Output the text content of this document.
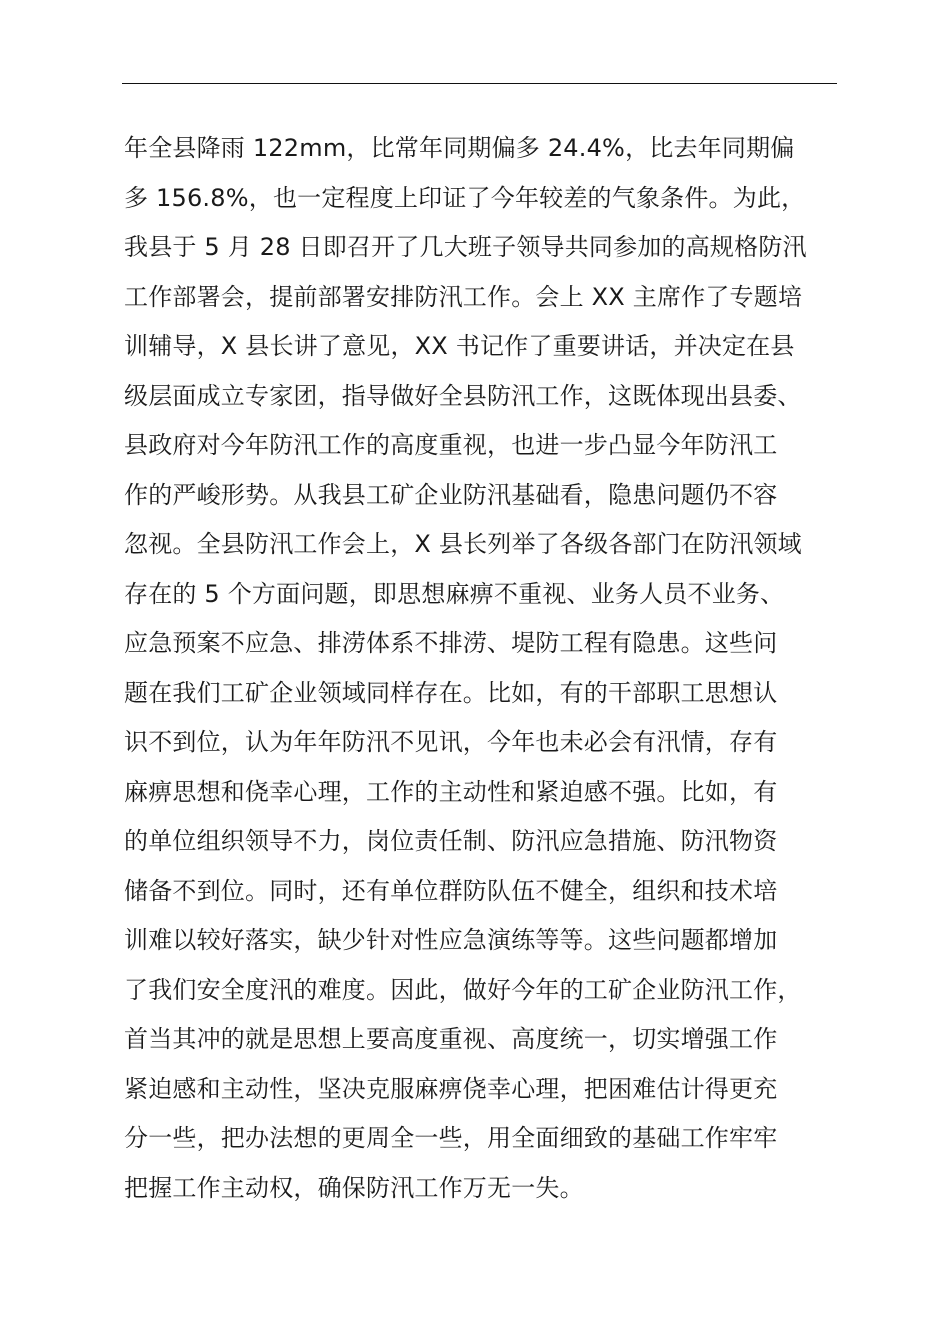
年全县降雨 122mm，比常年同期偏多 24.4%，比去年同期偏
多 156.8%，也一定程度上印证了今年较差的气象条件。为此，
我县于 5 月 28 日即召开了几大班子领导共同参加的高规格防汛
工作部署会，提前部署安排防汛工作。会上 XX 主席作了专题培
训辅导，X 县长讲了意见，XX 书记作了重要讲话，并决定在县
级层面成立专家团，指导做好全县防汛工作，这既体现出县委、
县政府对今年防汛工作的高度重视，也进一步凸显今年防汛工
作的严峻形势。从我县工矿企业防汛基础看，隐患问题仍不容
忽视。全县防汛工作会上，X 县长列举了各级各部门在防汛领域
存在的 5 个方面问题，即思想麻痹不重视、业务人员不业务、
应急预案不应急、排涝体系不排涝、堤防工程有隐患。这些问
题在我们工矿企业领域同样存在。比如，有的干部职工思想认
识不到位，认为年年防汛不见讯，今年也未必会有汛情，存有
麻痹思想和侥幸心理，工作的主动性和紧迫感不强。比如，有
的单位组织领导不力，岗位责任制、防汛应急措施、防汛物资
储备不到位。同时，还有单位群防队伍不健全，组织和技术培
训难以较好落实，缺少针对性应急演练等等。这些问题都增加
了我们安全度汛的难度。因此，做好今年的工矿企业防汛工作，
首当其冲的就是思想上要高度重视、高度统一，切实增强工作
紧迫感和主动性，坚决克服麻痹侥幸心理，把困难估计得更充
分一些，把办法想的更周全一些，用全面细致的基础工作牢牢
把握工作主动权，确保防汛工作万无一失。
